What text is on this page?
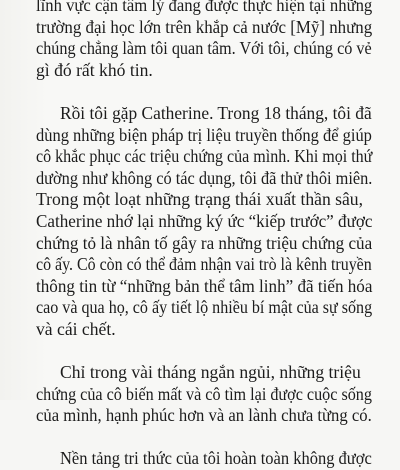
lĩnh vực cận tâm lý đang được thực hiện tại những
trường đại học lớn trên khắp cả nước [Mỹ] nhưng
chúng chẳng làm tôi quan tâm. Với tôi, chúng có vẻ
gì đó rất khó tin.

Rồi tôi gặp Catherine. Trong 18 tháng, tôi đã
dùng những biện pháp trị liệu truyền thống để giúp
cô khắc phục các triệu chứng của mình. Khi mọi thứ
dường như không có tác dụng, tôi đã thử thôi miên.
Trong một loạt những trạng thái xuất thần sâu,
Catherine nhớ lại những ký ức “kiếp trước” được
chứng tỏ là nhân tố gây ra những triệu chứng của
cô ấy. Cô còn có thể đảm nhận vai trò là kênh truyền
thông tin từ “những bản thể tâm linh” đã tiến hóa
cao và qua họ, cô ấy tiết lộ nhiều bí mật của sự sống
và cái chết.

Chỉ trong vài tháng ngắn ngủi, những triệu
chứng của cô biến mất và cô tìm lại được cuộc sống
của mình, hạnh phúc hơn và an lành chưa từng có.

Nền tảng tri thức của tôi hoàn toàn không được
